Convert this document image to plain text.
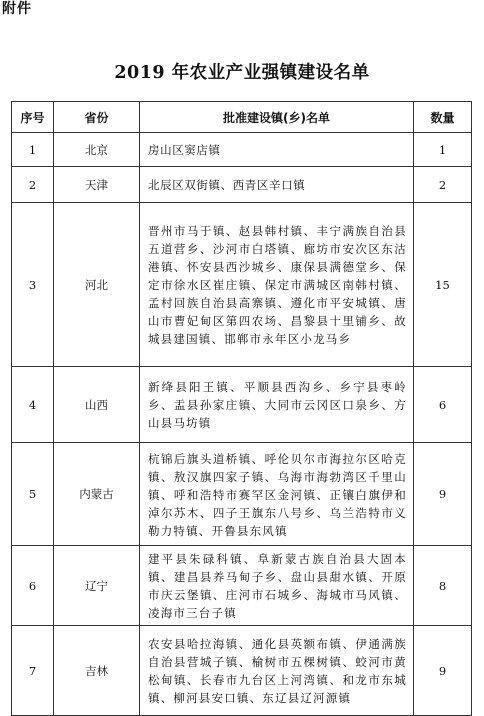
附件
2019 年农业产业强镇建设名单
序号	省份	批准建设镇(乡)名单	数量
1	北京	房山区窦店镇	1
2	天津	北辰区双街镇、西青区辛口镇	2
3	河北	晋州市马于镇、赵县韩村镇、丰宁满族自治县五道营乡、沙河市白塔镇、廊坊市安次区东沽港镇、怀安县西沙城乡、康保县满德堂乡、保定市徐水区崔庄镇、保定市满城区南韩村镇、孟村回族自治县高寨镇、遵化市平安城镇、唐山市曹妃甸区第四农场、昌黎县十里铺乡、故城县建国镇、邯郸市永年区小龙马乡	15
4	山西	新绛县阳王镇、平顺县西沟乡、乡宁县枣岭乡、盂县孙家庄镇、大同市云冈区口泉乡、方山县马坊镇	6
5	内蒙古	杭锦后旗头道桥镇、呼伦贝尔市海拉尔区哈克镇、敖汉旗四家子镇、乌海市海勃湾区千里山镇、呼和浩特市赛罕区金河镇、正镶白旗伊和淖尔苏木、四子王旗东八号乡、乌兰浩特市义勒力特镇、开鲁县东风镇	9
6	辽宁	建平县朱碌科镇、阜新蒙古族自治县大固本镇、建昌县养马甸子乡、盘山县甜水镇、开原市庆云堡镇、庄河市石城乡、海城市马风镇、凌海市三台子镇	8
7	吉林	农安县哈拉海镇、通化县英额布镇、伊通满族自治县营城子镇、榆树市五棵树镇、蛟河市黄松甸镇、长春市九台区上河湾镇、和龙市东城镇、柳河县安口镇、东辽县辽河源镇	9
